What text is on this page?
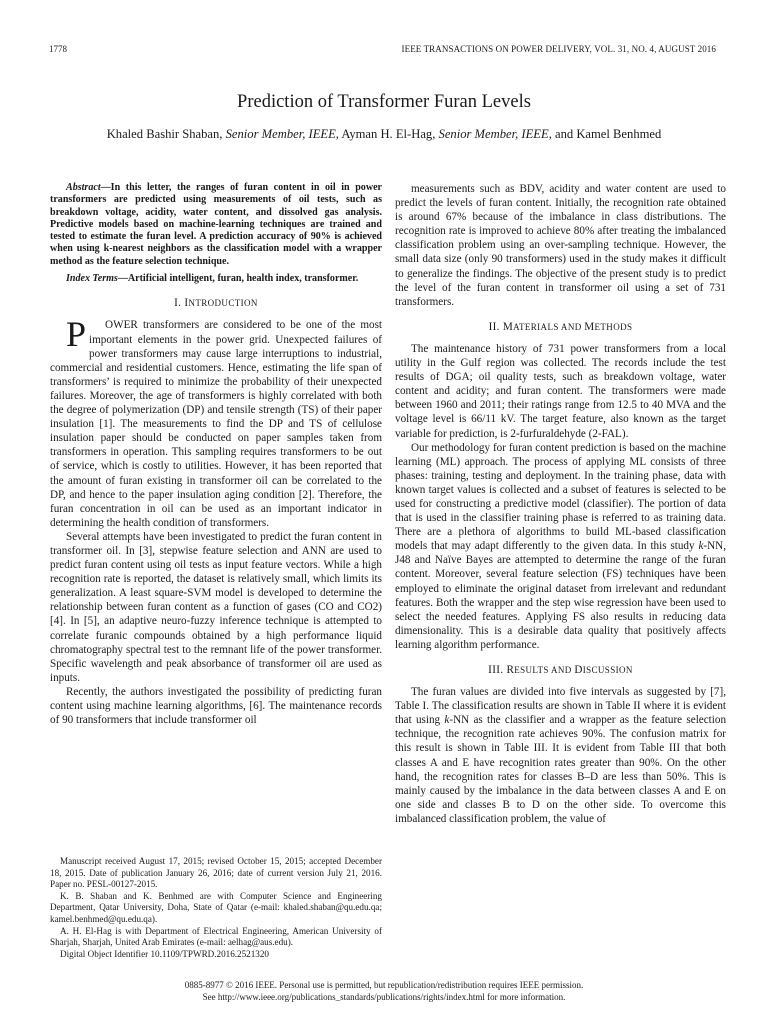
1778	IEEE TRANSACTIONS ON POWER DELIVERY, VOL. 31, NO. 4, AUGUST 2016
Prediction of Transformer Furan Levels
Khaled Bashir Shaban, Senior Member, IEEE, Ayman H. El-Hag, Senior Member, IEEE, and Kamel Benhmed

Abstract—In this letter, the ranges of furan content in oil in power transformers are predicted using measurements of oil tests, such as breakdown voltage, acidity, water content, and dissolved gas analysis. Predictive models based on machine-learning techniques are trained and tested to estimate the furan level. A prediction accuracy of 90% is achieved when using k-nearest neighbors as the classification model with a wrapper method as the feature selection technique.

Index Terms—Artificial intelligent, furan, health index, transformer.

I. INTRODUCTION

P OWER transformers are considered to be one of the most important elements in the power grid. Unexpected failures of power transformers may cause large interruptions to industrial, commercial and residential customers. Hence, estimating the life span of transformers’ is required to minimize the probability of their unexpected failures. Moreover, the age of transformers is highly correlated with both the degree of polymerization (DP) and tensile strength (TS) of their paper insulation [1]. The measurements to find the DP and TS of cellulose insulation paper should be conducted on paper samples taken from transformers in operation. This sampling requires transformers to be out of service, which is costly to utilities. However, it has been reported that the amount of furan existing in transformer oil can be correlated to the DP, and hence to the paper insulation aging condition [2]. Therefore, the furan concentration in oil can be used as an important indicator in determining the health condition of transformers.

Several attempts have been investigated to predict the furan content in transformer oil. In [3], stepwise feature selection and ANN are used to predict furan content using oil tests as input feature vectors. While a high recognition rate is reported, the dataset is relatively small, which limits its generalization. A least square-SVM model is developed to determine the relationship between furan content as a function of gases (CO and CO2) [4]. In [5], an adaptive neuro-fuzzy inference technique is attempted to correlate furanic compounds obtained by a high performance liquid chromatography spectral test to the remnant life of the power transformer. Specific wavelength and peak absorbance of transformer oil are used as inputs.

Recently, the authors investigated the possibility of predicting furan content using machine learning algorithms, [6]. The maintenance records of 90 transformers that include transformer oil

measurements such as BDV, acidity and water content are used to predict the levels of furan content. Initially, the recognition rate obtained is around 67% because of the imbalance in class distributions. The recognition rate is improved to achieve 80% after treating the imbalanced classification problem using an over-sampling technique. However, the small data size (only 90 transformers) used in the study makes it difficult to generalize the findings. The objective of the present study is to predict the level of the furan content in transformer oil using a set of 731 transformers.

II. MATERIALS AND METHODS

The maintenance history of 731 power transformers from a local utility in the Gulf region was collected. The records include the test results of DGA; oil quality tests, such as breakdown voltage, water content and acidity; and furan content. The transformers were made between 1960 and 2011; their ratings range from 12.5 to 40 MVA and the voltage level is 66/11 kV. The target feature, also known as the target variable for prediction, is 2-furfuraldehyde (2-FAL).

Our methodology for furan content prediction is based on the machine learning (ML) approach. The process of applying ML consists of three phases: training, testing and deployment. In the training phase, data with known target values is collected and a subset of features is selected to be used for constructing a predictive model (classifier). The portion of data that is used in the classifier training phase is referred to as training data. There are a plethora of algorithms to build ML-based classification models that may adapt differently to the given data. In this study k-NN, J48 and Naïve Bayes are attempted to determine the range of the furan content. Moreover, several feature selection (FS) techniques have been employed to eliminate the original dataset from irrelevant and redundant features. Both the wrapper and the step wise regression have been used to select the needed features. Applying FS also results in reducing data dimensionality. This is a desirable data quality that positively affects learning algorithm performance.

III. RESULTS AND DISCUSSION

The furan values are divided into five intervals as suggested by [7], Table I. The classification results are shown in Table II where it is evident that using k-NN as the classifier and a wrapper as the feature selection technique, the recognition rate achieves 90%. The confusion matrix for this result is shown in Table III. It is evident from Table III that both classes A and E have recognition rates greater than 90%. On the other hand, the recognition rates for classes B–D are less than 50%. This is mainly caused by the imbalance in the data between classes A and E on one side and classes B to D on the other side. To overcome this imbalanced classification problem, the value of

Manuscript received August 17, 2015; revised October 15, 2015; accepted December 18, 2015. Date of publication January 26, 2016; date of current version July 21, 2016. Paper no. PESL-00127-2015.

K. B. Shaban and K. Benhmed are with Computer Science and Engineering Department, Qatar University, Doha, State of Qatar (e-mail: khaled.shaban@qu.edu.qa; kamel.benhmed@qu.edu.qa).

A. H. El-Hag is with Department of Electrical Engineering, American University of Sharjah, Sharjah, United Arab Emirates (e-mail: aelhag@aus.edu).

Digital Object Identifier 10.1109/TPWRD.2016.2521320

0885-8977 © 2016 IEEE. Personal use is permitted, but republication/redistribution requires IEEE permission.
See http://www.ieee.org/publications_standards/publications/rights/index.html for more information.
